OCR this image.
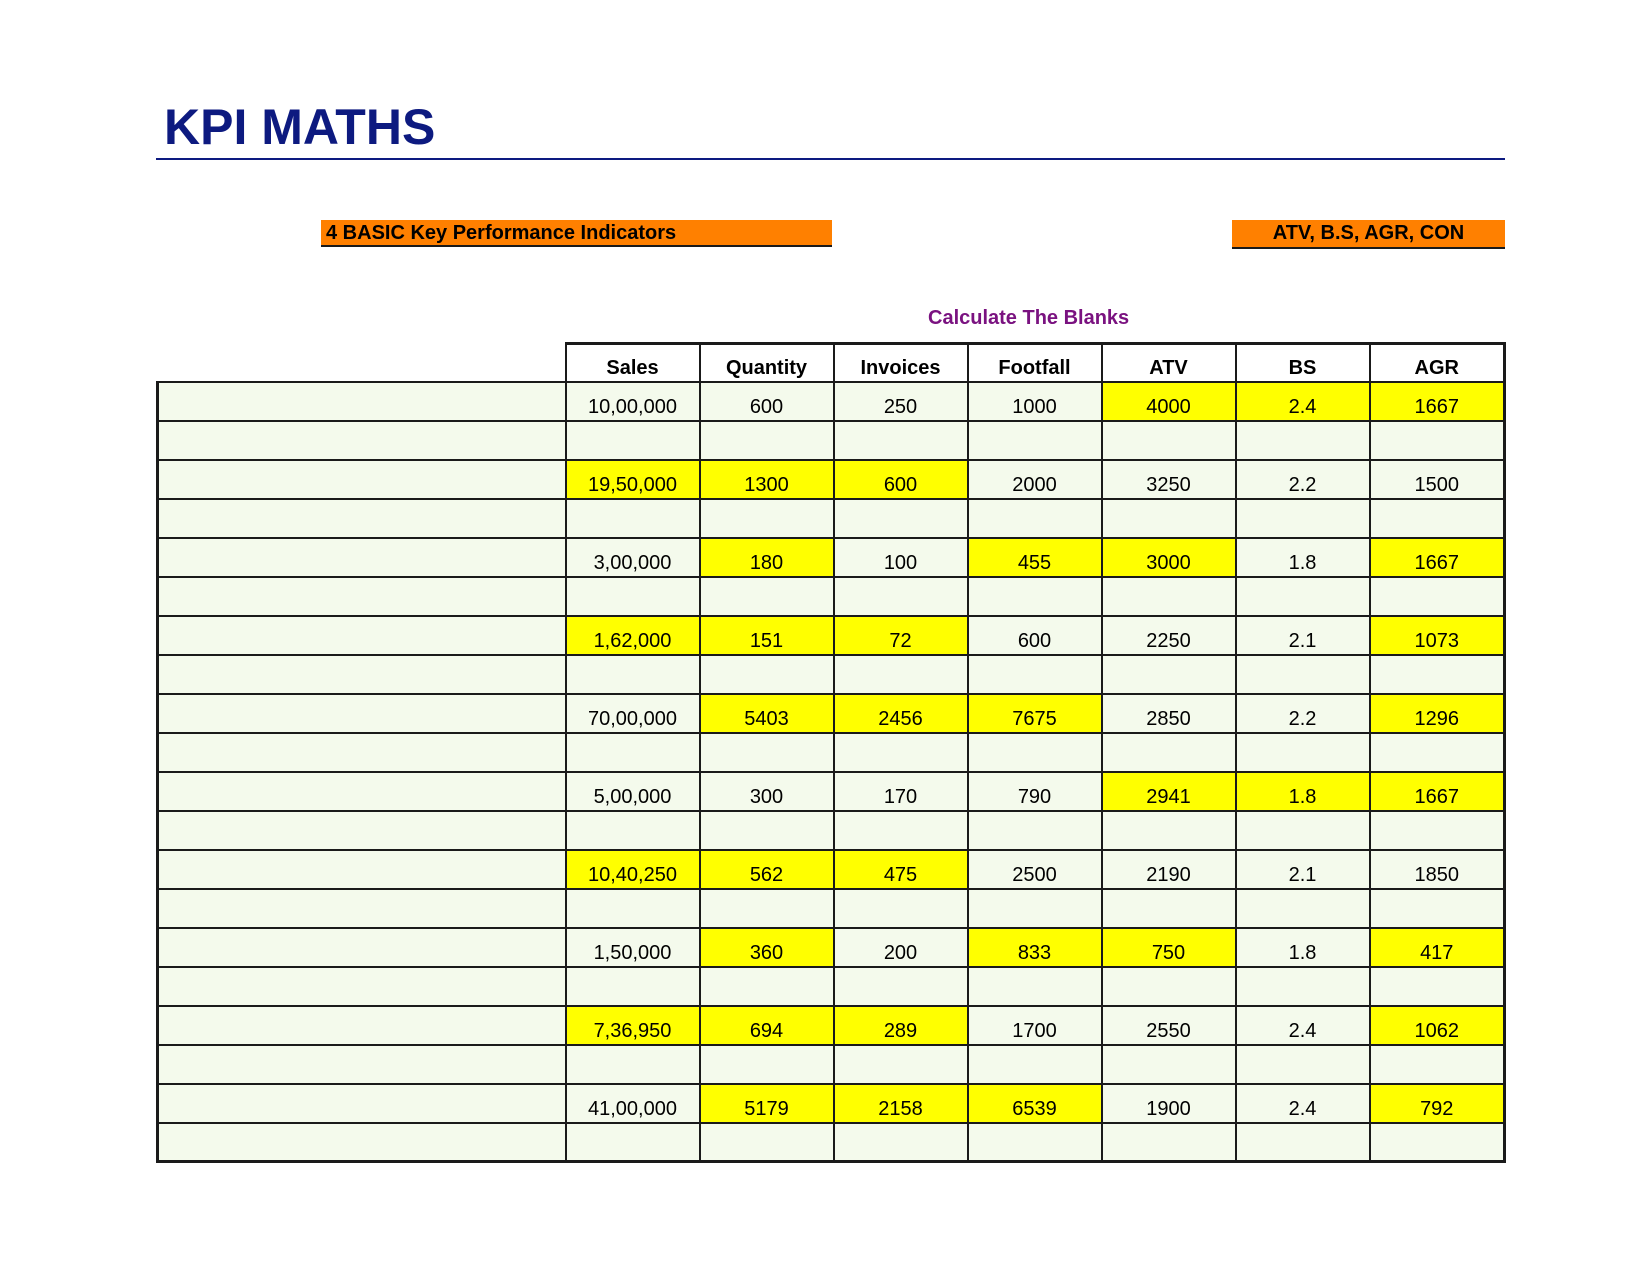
KPI MATHS
4 BASIC Key Performance Indicators	ATV, B.S, AGR, CON
Calculate The Blanks
	Sales	Quantity	Invoices	Footfall	ATV	BS	AGR
	10,00,000	600	250	1000	4000	2.4	1667

	19,50,000	1300	600	2000	3250	2.2	1500

	3,00,000	180	100	455	3000	1.8	1667

	1,62,000	151	72	600	2250	2.1	1073

	70,00,000	5403	2456	7675	2850	2.2	1296

	5,00,000	300	170	790	2941	1.8	1667

	10,40,250	562	475	2500	2190	2.1	1850

	1,50,000	360	200	833	750	1.8	417

	7,36,950	694	289	1700	2550	2.4	1062

	41,00,000	5179	2158	6539	1900	2.4	792
